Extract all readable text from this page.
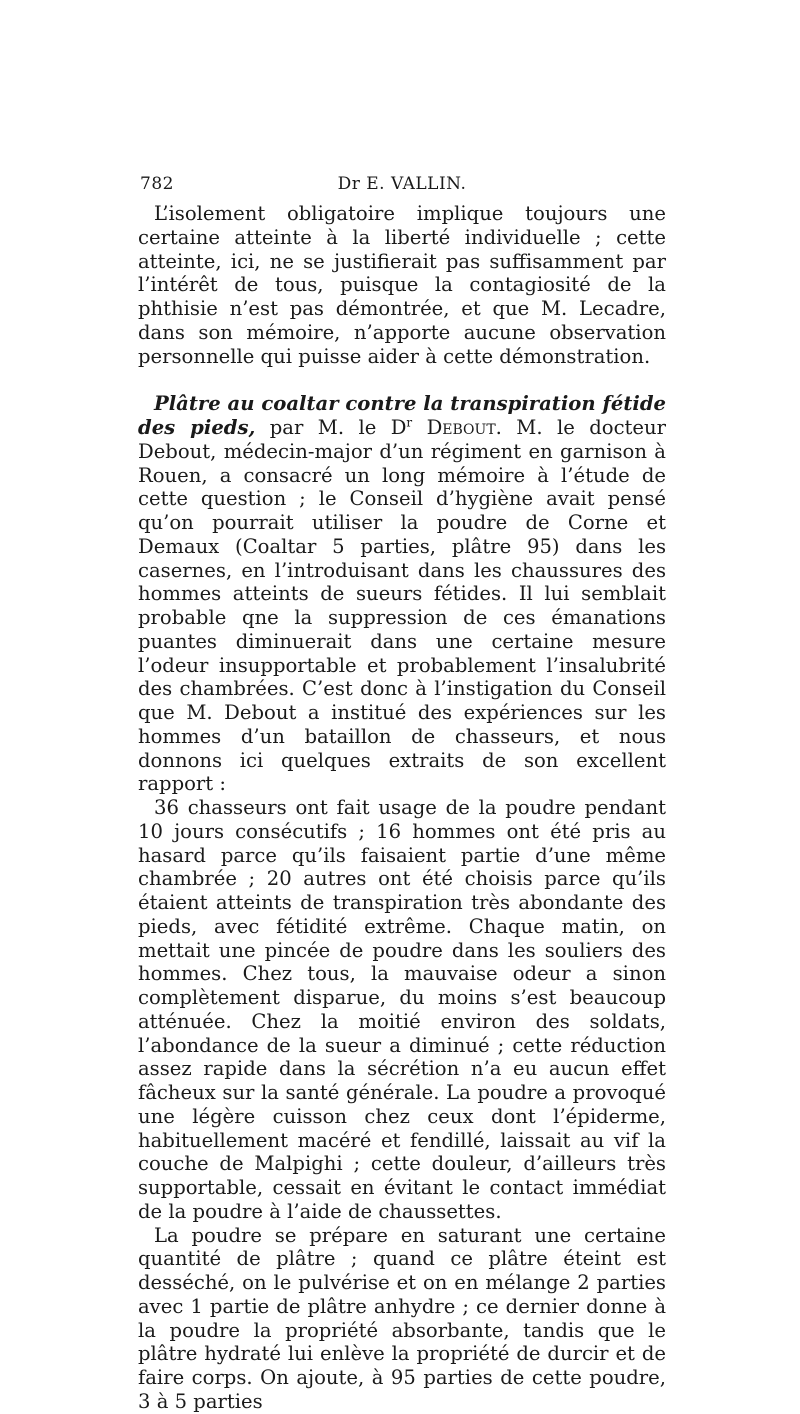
782	Dr E. VALLIN.

L’isolement obligatoire implique toujours une certaine atteinte à la liberté individuelle ; cette atteinte, ici, ne se justifierait pas suffisamment par l’intérêt de tous, puisque la contagiosité de la phthisie n’est pas démontrée, et que M. Lecadre, dans son mémoire, n’apporte aucune observation personnelle qui puisse aider à cette démonstration.

Plâtre au coaltar contre la transpiration fétide des pieds, par M. le $D^r$ Debout. M. le docteur Debout, médecin-major d’un régiment en garnison à Rouen, a consacré un long mémoire à l’étude de cette question ; le Conseil d’hygiène avait pensé qu’on pourrait utiliser la poudre de Corne et Demaux (Coaltar 5 parties, plâtre 95) dans les casernes, en l’introduisant dans les chaussures des hommes atteints de sueurs fétides. Il lui semblait probable qne la suppression de ces émanations puantes diminuerait dans une certaine mesure l’odeur insupportable et probablement l’insalubrité des chambrées. C’est donc à l’instigation du Conseil que M. Debout a institué des expériences sur les hommes d’un bataillon de chasseurs, et nous donnons ici quelques extraits de son excellent rapport :

36 chasseurs ont fait usage de la poudre pendant 10 jours consécutifs ; 16 hommes ont été pris au hasard parce qu’ils faisaient partie d’une même chambrée ; 20 autres ont été choisis parce qu’ils étaient atteints de transpiration très abondante des pieds, avec fétidité extrême. Chaque matin, on mettait une pincée de poudre dans les souliers des hommes. Chez tous, la mauvaise odeur a sinon complètement disparue, du moins s’est beaucoup atténuée. Chez la moitié environ des soldats, l’abondance de la sueur a diminué ; cette réduction assez rapide dans la sécrétion n’a eu aucun effet fâcheux sur la santé générale. La poudre a provoqué une légère cuisson chez ceux dont l’épiderme, habituellement macéré et fendillé, laissait au vif la couche de Malpighi ; cette douleur, d’ailleurs très supportable, cessait en évitant le contact immédiat de la poudre à l’aide de chaussettes.

La poudre se prépare en saturant une certaine quantité de plâtre ; quand ce plâtre éteint est desséché, on le pulvérise et on en mélange 2 parties avec 1 partie de plâtre anhydre ; ce dernier donne à la poudre la propriété absorbante, tandis que le plâtre hydraté lui enlève la propriété de durcir et de faire corps. On ajoute, à 95 parties de cette poudre, 3 à 5 parties
